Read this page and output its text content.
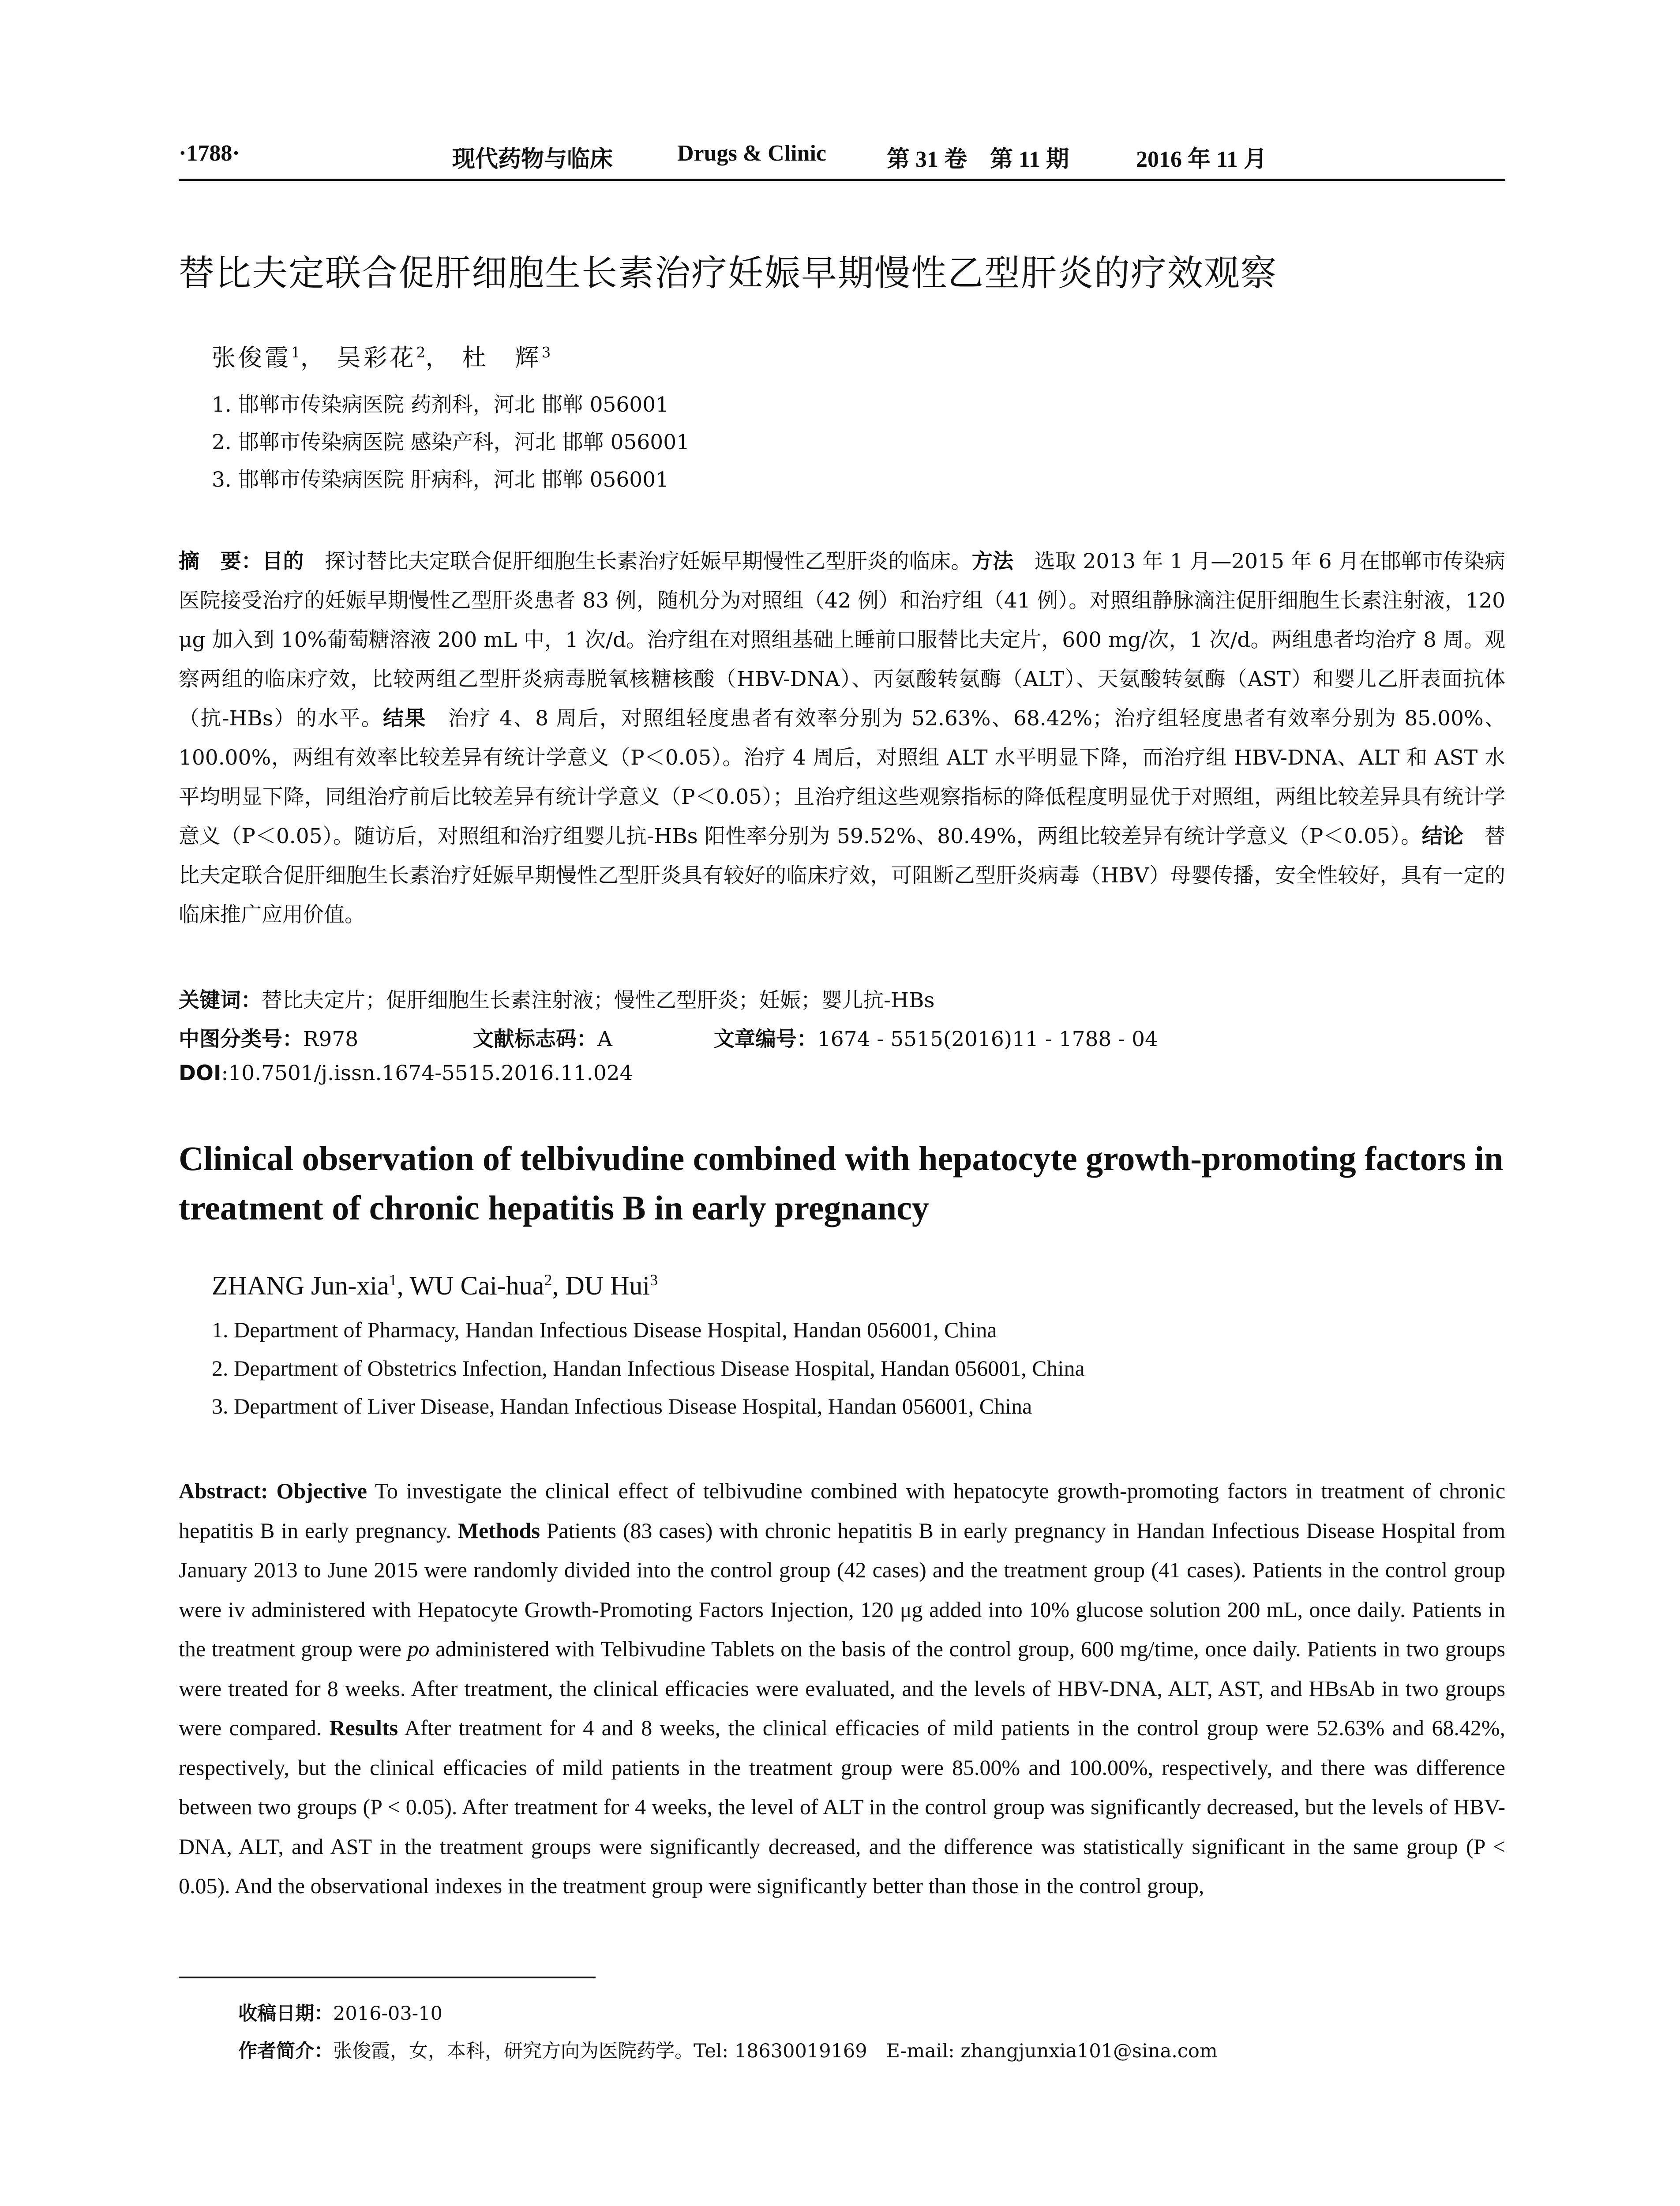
·1788·	现代药物与临床	Drugs & Clinic	第 31 卷　第 11 期	2016 年 11 月
替比夫定联合促肝细胞生长素治疗妊娠早期慢性乙型肝炎的疗效观察
张俊霞$^1$， 吴彩花$^2$， 杜　辉$^3$
1. 邯郸市传染病医院 药剂科，河北 邯郸 056001
2. 邯郸市传染病医院 感染产科，河北 邯郸 056001
3. 邯郸市传染病医院 肝病科，河北 邯郸 056001
摘　要：目的　探讨替比夫定联合促肝细胞生长素治疗妊娠早期慢性乙型肝炎的临床。方法　选取 2013 年 1 月—2015 年 6 月在邯郸市传染病医院接受治疗的妊娠早期慢性乙型肝炎患者 83 例，随机分为对照组（42 例）和治疗组（41 例）。对照组静脉滴注促肝细胞生长素注射液，120 μg 加入到 10%葡萄糖溶液 200 mL 中，1 次/d。治疗组在对照组基础上睡前口服替比夫定片，600 mg/次，1 次/d。两组患者均治疗 8 周。观察两组的临床疗效，比较两组乙型肝炎病毒脱氧核糖核酸（HBV-DNA）、丙氨酸转氨酶（ALT）、天氨酸转氨酶（AST）和婴儿乙肝表面抗体（抗-HBs）的水平。结果　治疗 4、8 周后，对照组轻度患者有效率分别为 52.63%、68.42%；治疗组轻度患者有效率分别为 85.00%、100.00%，两组有效率比较差异有统计学意义（P＜0.05）。治疗 4 周后，对照组 ALT 水平明显下降，而治疗组 HBV-DNA、ALT 和 AST 水平均明显下降，同组治疗前后比较差异有统计学意义（P＜0.05）；且治疗组这些观察指标的降低程度明显优于对照组，两组比较差异具有统计学意义（P＜0.05）。随访后，对照组和治疗组婴儿抗-HBs 阳性率分别为 59.52%、80.49%，两组比较差异有统计学意义（P＜0.05）。结论　替比夫定联合促肝细胞生长素治疗妊娠早期慢性乙型肝炎具有较好的临床疗效，可阻断乙型肝炎病毒（HBV）母婴传播，安全性较好，具有一定的临床推广应用价值。
关键词：替比夫定片；促肝细胞生长素注射液；慢性乙型肝炎；妊娠；婴儿抗-HBs
中图分类号：R978	文献标志码：A	文章编号：1674 - 5515(2016)11 - 1788 - 04
DOI:10.7501/j.issn.1674-5515.2016.11.024
Clinical observation of telbivudine combined with hepatocyte growth-promoting factors in treatment of chronic hepatitis B in early pregnancy
ZHANG Jun-xia$^1$, WU Cai-hua$^2$, DU Hui$^3$
1. Department of Pharmacy, Handan Infectious Disease Hospital, Handan 056001, China
2. Department of Obstetrics Infection, Handan Infectious Disease Hospital, Handan 056001, China
3. Department of Liver Disease, Handan Infectious Disease Hospital, Handan 056001, China
Abstract: Objective To investigate the clinical effect of telbivudine combined with hepatocyte growth-promoting factors in treatment of chronic hepatitis B in early pregnancy. Methods Patients (83 cases) with chronic hepatitis B in early pregnancy in Handan Infectious Disease Hospital from January 2013 to June 2015 were randomly divided into the control group (42 cases) and the treatment group (41 cases). Patients in the control group were iv administered with Hepatocyte Growth-Promoting Factors Injection, 120 μg added into 10% glucose solution 200 mL, once daily. Patients in the treatment group were po administered with Telbivudine Tablets on the basis of the control group, 600 mg/time, once daily. Patients in two groups were treated for 8 weeks. After treatment, the clinical efficacies were evaluated, and the levels of HBV-DNA, ALT, AST, and HBsAb in two groups were compared. Results After treatment for 4 and 8 weeks, the clinical efficacies of mild patients in the control group were 52.63% and 68.42%, respectively, but the clinical efficacies of mild patients in the treatment group were 85.00% and 100.00%, respectively, and there was difference between two groups (P < 0.05). After treatment for 4 weeks, the level of ALT in the control group was significantly decreased, but the levels of HBV-DNA, ALT, and AST in the treatment groups were significantly decreased, and the difference was statistically significant in the same group (P < 0.05). And the observational indexes in the treatment group were significantly better than those in the control group,
收稿日期：2016-03-10
作者简介：张俊霞，女，本科，研究方向为医院药学。Tel: 18630019169　E-mail: zhangjunxia101@sina.com
